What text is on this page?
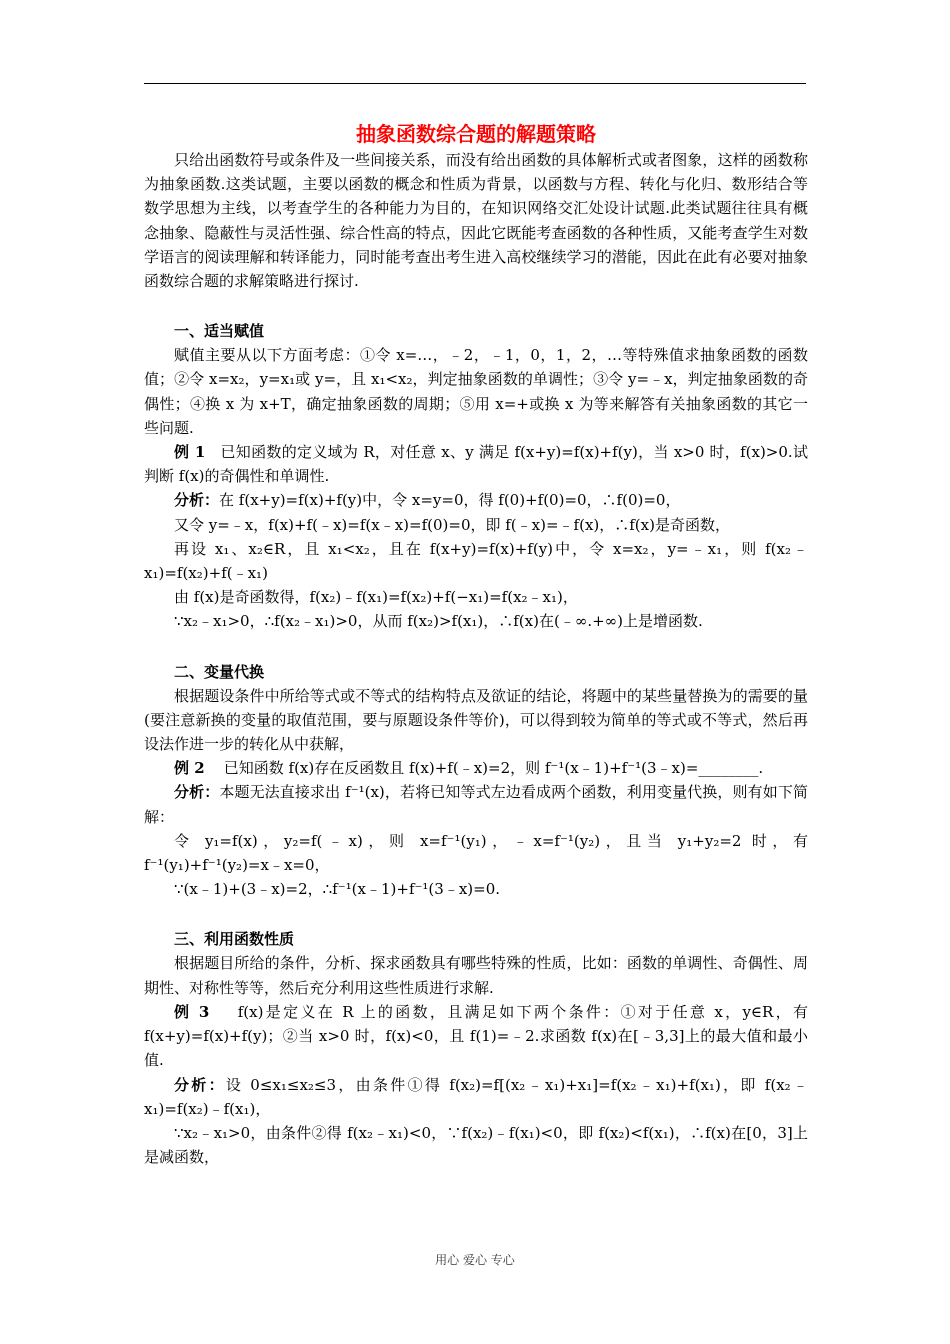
抽象函数综合题的解题策略

只给出函数符号或条件及一些间接关系，而没有给出函数的具体解析式或者图象，这样的函数称为抽象函数.这类试题，主要以函数的概念和性质为背景，以函数与方程、转化与化归、数形结合等数学思想为主线，以考查学生的各种能力为目的，在知识网络交汇处设计试题.此类试题往往具有概念抽象、隐蔽性与灵活性强、综合性高的特点，因此它既能考查函数的各种性质，又能考查学生对数学语言的阅读理解和转译能力，同时能考查出考生进入高校继续学习的潜能，因此在此有必要对抽象函数综合题的求解策略进行探讨.

一、适当赋值

赋值主要从以下方面考虑：①令 x=…，﹣2，﹣1，0，1，2，…等特殊值求抽象函数的函数值；②令 x=x₂，y=x₁或 y=，且 x₁<x₂，判定抽象函数的单调性；③令 y=﹣x，判定抽象函数的奇偶性；④换 x 为 x+T，确定抽象函数的周期；⑤用 x=+或换 x 为等来解答有关抽象函数的其它一些问题.

例 1 已知函数的定义域为 R，对任意 x、y 满足 f(x+y)=f(x)+f(y)，当 x>0 时，f(x)>0.试判断 f(x)的奇偶性和单调性.

分析：在 f(x+y)=f(x)+f(y)中，令 x=y=0，得 f(0)+f(0)=0，∴f(0)=0，

又令 y=﹣x，f(x)+f(﹣x)=f(x﹣x)=f(0)=0，即 f(﹣x)=﹣f(x)，∴f(x)是奇函数，

再设 x₁、x₂∈R，且 x₁<x₂，且在 f(x+y)=f(x)+f(y)中，令 x=x₂，y=﹣x₁，则 f(x₂﹣x₁)=f(x₂)+f(﹣x₁)

由 f(x)是奇函数得，f(x₂)﹣f(x₁)=f(x₂)+f(−x₁)=f(x₂﹣x₁)，

∵x₂﹣x₁>0，∴f(x₂﹣x₁)>0，从而 f(x₂)>f(x₁)，∴f(x)在(﹣∞.+∞)上是增函数.

二、变量代换

根据题设条件中所给等式或不等式的结构特点及欲证的结论，将题中的某些量替换为的需要的量(要注意新换的变量的取值范围，要与原题设条件等价)，可以得到较为简单的等式或不等式，然后再设法作进一步的转化从中获解，

例 2 已知函数 f(x)存在反函数且 f(x)+f(﹣x)=2，则 f⁻¹(x﹣1)+f⁻¹(3﹣x)=________.

分析：本题无法直接求出 f⁻¹(x)，若将已知等式左边看成两个函数，利用变量代换，则有如下简解：

令 y₁=f(x)，y₂=f(﹣x)，则 x=f⁻¹(y₁)，﹣x=f⁻¹(y₂)，且当 y₁+y₂=2 时，有 f⁻¹(y₁)+f⁻¹(y₂)=x﹣x=0，

∵(x﹣1)+(3﹣x)=2，∴f⁻¹(x﹣1)+f⁻¹(3﹣x)=0.

三、利用函数性质

根据题目所给的条件，分析、探求函数具有哪些特殊的性质，比如：函数的单调性、奇偶性、周期性、对称性等等，然后充分利用这些性质进行求解.

例 3 f(x)是定义在 R 上的函数，且满足如下两个条件：①对于任意 x，y∈R，有 f(x+y)=f(x)+f(y)；②当 x>0 时，f(x)<0，且 f(1)=﹣2.求函数 f(x)在[﹣3,3]上的最大值和最小值.

分析：设 0≤x₁≤x₂≤3，由条件①得 f(x₂)=f[(x₂﹣x₁)+x₁]=f(x₂﹣x₁)+f(x₁)，即 f(x₂﹣x₁)=f(x₂)﹣f(x₁)，

∵x₂﹣x₁>0，由条件②得 f(x₂﹣x₁)<0，∵f(x₂)﹣f(x₁)<0，即 f(x₂)<f(x₁)，∴f(x)在[0，3]上是减函数，

用心 爱心 专心
